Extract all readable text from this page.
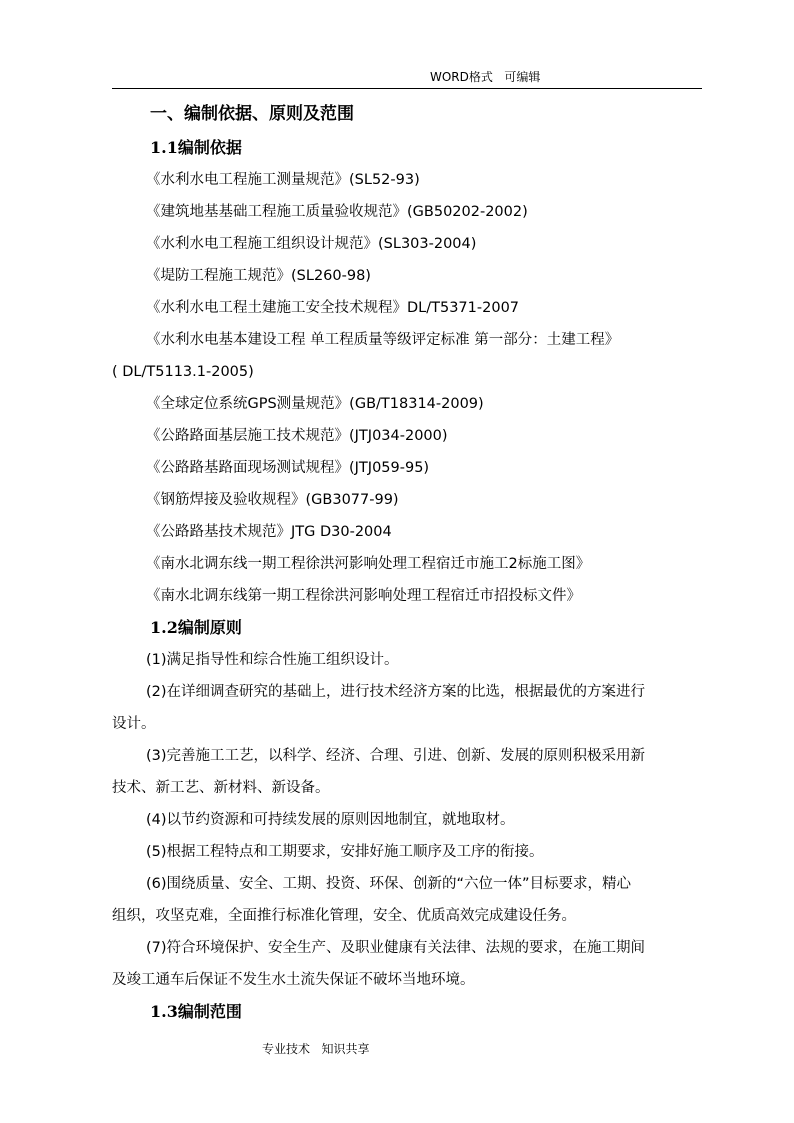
WORD格式   可编辑
一、编制依据、原则及范围
1.1编制依据
《水利水电工程施工测量规范》(SL52-93)
《建筑地基基础工程施工质量验收规范》(GB50202-2002)
《水利水电工程施工组织设计规范》(SL303-2004)
《堤防工程施工规范》(SL260-98)
《水利水电工程土建施工安全技术规程》DL/T5371-2007
《水利水电基本建设工程 单工程质量等级评定标准 第一部分：土建工程》
( DL/T5113.1-2005)
《全球定位系统GPS测量规范》(GB/T18314-2009)
《公路路面基层施工技术规范》(JTJ034-2000)
《公路路基路面现场测试规程》(JTJ059-95)
《钢筋焊接及验收规程》(GB3077-99)
《公路路基技术规范》JTG D30-2004
《南水北调东线一期工程徐洪河影响处理工程宿迁市施工2标施工图》
《南水北调东线第一期工程徐洪河影响处理工程宿迁市招投标文件》
1.2编制原则
(1)满足指导性和综合性施工组织设计。
(2)在详细调查研究的基础上，进行技术经济方案的比选，根据最优的方案进行
设计。
(3)完善施工工艺，以科学、经济、合理、引进、创新、发展的原则积极采用新
技术、新工艺、新材料、新设备。
(4)以节约资源和可持续发展的原则因地制宜，就地取材。
(5)根据工程特点和工期要求，安排好施工顺序及工序的衔接。
(6)围绕质量、安全、工期、投资、环保、创新的“六位一体”目标要求，精心
组织，攻坚克难，全面推行标准化管理，安全、优质高效完成建设任务。
(7)符合环境保护、安全生产、及职业健康有关法律、法规的要求，在施工期间
及竣工通车后保证不发生水土流失保证不破坏当地环境。
1.3编制范围
专业技术   知识共享
